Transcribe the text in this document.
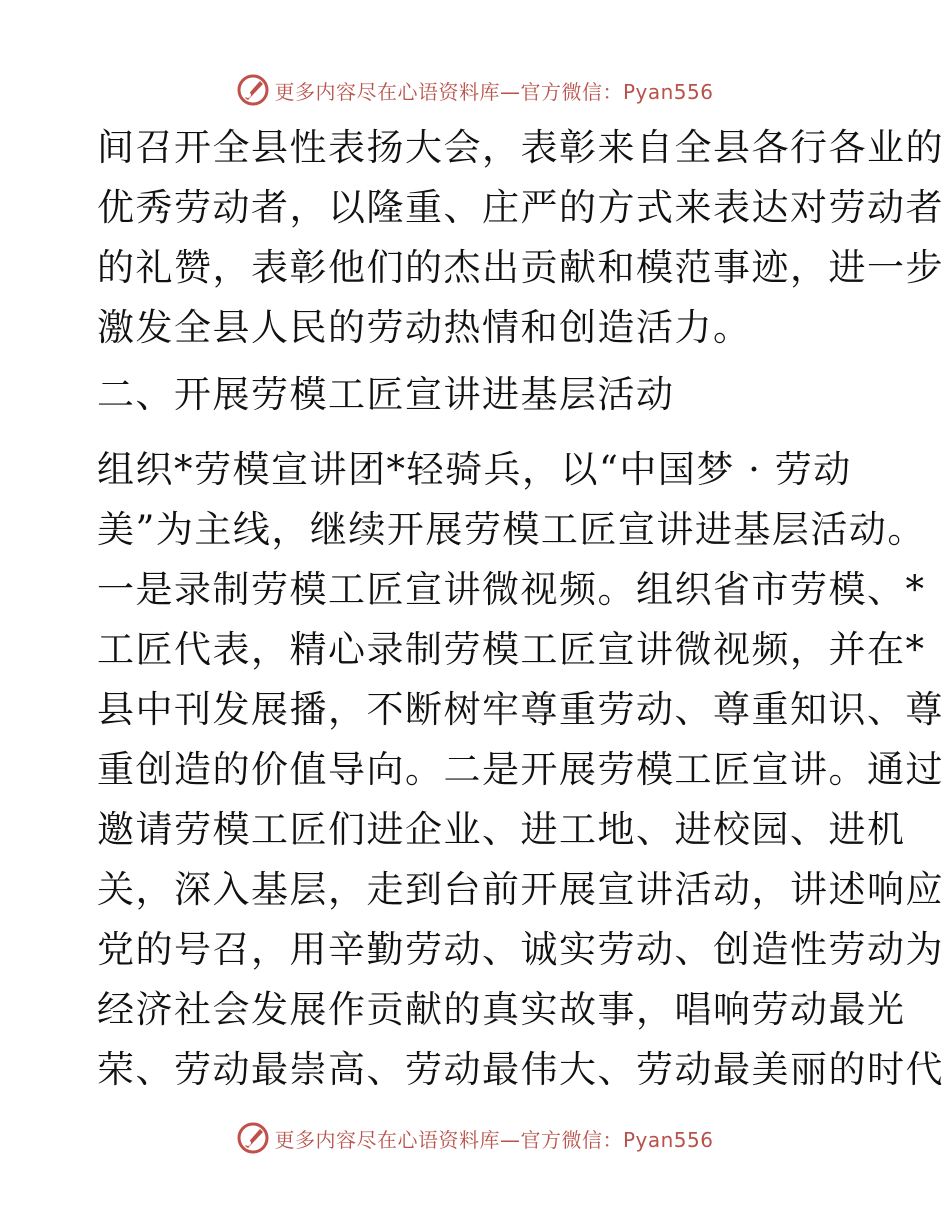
更多内容尽在心语资料库—官方微信：Pyan556
间召开全县性表扬大会，表彰来自全县各行各业的
优秀劳动者，以隆重、庄严的方式来表达对劳动者
的礼赞，表彰他们的杰出贡献和模范事迹，进一步
激发全县人民的劳动热情和创造活力。
二、开展劳模工匠宣讲进基层活动
组织*劳模宣讲团*轻骑兵，以“中国梦 · 劳动
美”为主线，继续开展劳模工匠宣讲进基层活动。
一是录制劳模工匠宣讲微视频。组织省市劳模、*
工匠代表，精心录制劳模工匠宣讲微视频，并在*
县中刊发展播，不断树牢尊重劳动、尊重知识、尊
重创造的价值导向。二是开展劳模工匠宣讲。通过
邀请劳模工匠们进企业、进工地、进校园、进机
关，深入基层，走到台前开展宣讲活动，讲述响应
党的号召，用辛勤劳动、诚实劳动、创造性劳动为
经济社会发展作贡献的真实故事，唱响劳动最光
荣、劳动最崇高、劳动最伟大、劳动最美丽的时代
更多内容尽在心语资料库—官方微信：Pyan556
